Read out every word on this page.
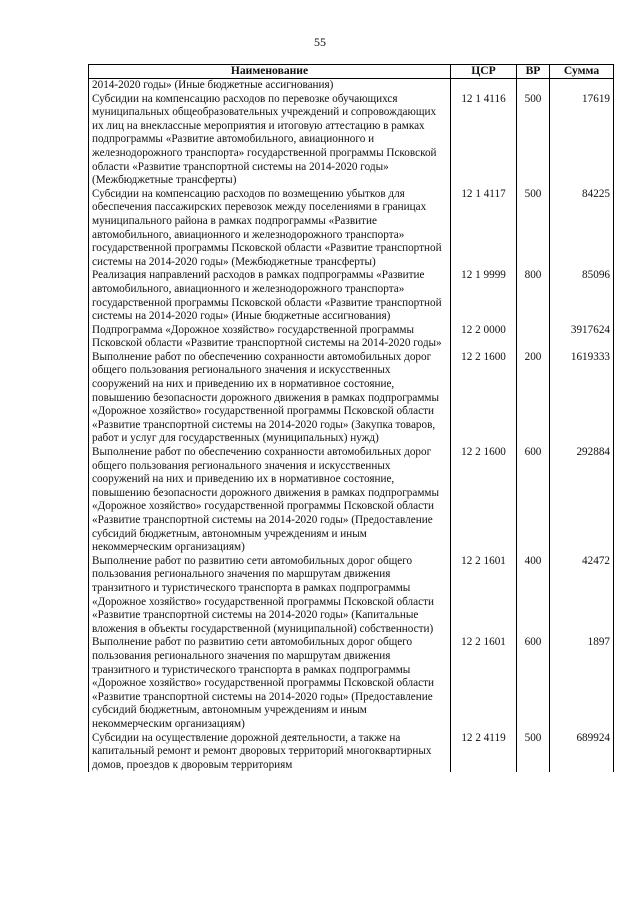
55
Наименование	ЦСР	ВР	Сумма
2014-2020 годы» (Иные бюджетные ассигнования)			
Субсидии на компенсацию расходов по перевозке обучающихся муниципальных общеобразовательных учреждений и сопровождающих их лиц на внеклассные мероприятия и итоговую аттестацию в рамках подпрограммы «Развитие автомобильного, авиационного и железнодорожного транспорта» государственной программы Псковской области «Развитие транспортной системы на 2014-2020 годы» (Межбюджетные трансферты)	12 1 4116	500	17619
Субсидии на компенсацию расходов по возмещению убытков для обеспечения пассажирских перевозок между поселениями в границах муниципального района в рамках подпрограммы «Развитие автомобильного, авиационного и железнодорожного транспорта» государственной программы Псковской области «Развитие транспортной системы на 2014-2020 годы» (Межбюджетные трансферты)	12 1 4117	500	84225
Реализация направлений расходов в рамках подпрограммы «Развитие автомобильного, авиационного и железнодорожного транспорта» государственной программы Псковской области «Развитие транспортной системы на 2014-2020 годы» (Иные бюджетные ассигнования)	12 1 9999	800	85096
Подпрограмма «Дорожное хозяйство» государственной программы Псковской области «Развитие транспортной системы на 2014-2020 годы»	12 2 0000		3917624
Выполнение работ по обеспечению сохранности автомобильных дорог общего пользования регионального значения и искусственных сооружений на них и приведению их в нормативное состояние, повышению безопасности дорожного движения в рамках подпрограммы «Дорожное хозяйство» государственной программы Псковской области «Развитие транспортной системы на 2014-2020 годы» (Закупка товаров, работ и услуг для государственных (муниципальных) нужд)	12 2 1600	200	1619333
Выполнение работ по обеспечению сохранности автомобильных дорог общего пользования регионального значения и искусственных сооружений на них и приведению их в нормативное состояние, повышению безопасности дорожного движения в рамках подпрограммы «Дорожное хозяйство» государственной программы Псковской области «Развитие транспортной системы на 2014-2020 годы» (Предоставление субсидий бюджетным, автономным учреждениям и иным некоммерческим организациям)	12 2 1600	600	292884
Выполнение работ по развитию сети автомобильных дорог общего пользования регионального значения по маршрутам движения транзитного и туристического транспорта в рамках подпрограммы «Дорожное хозяйство» государственной программы Псковской области «Развитие транспортной системы на 2014-2020 годы» (Капитальные вложения в объекты государственной (муниципальной) собственности)	12 2 1601	400	42472
Выполнение работ по развитию сети автомобильных дорог общего пользования регионального значения по маршрутам движения транзитного и туристического транспорта в рамках подпрограммы «Дорожное хозяйство» государственной программы Псковской области «Развитие транспортной системы на 2014-2020 годы» (Предоставление субсидий бюджетным, автономным учреждениям и иным некоммерческим организациям)	12 2 1601	600	1897
Субсидии на осуществление дорожной деятельности, а также на капитальный ремонт и ремонт дворовых территорий многоквартирных домов, проездов к дворовым территориям	12 2 4119	500	689924
